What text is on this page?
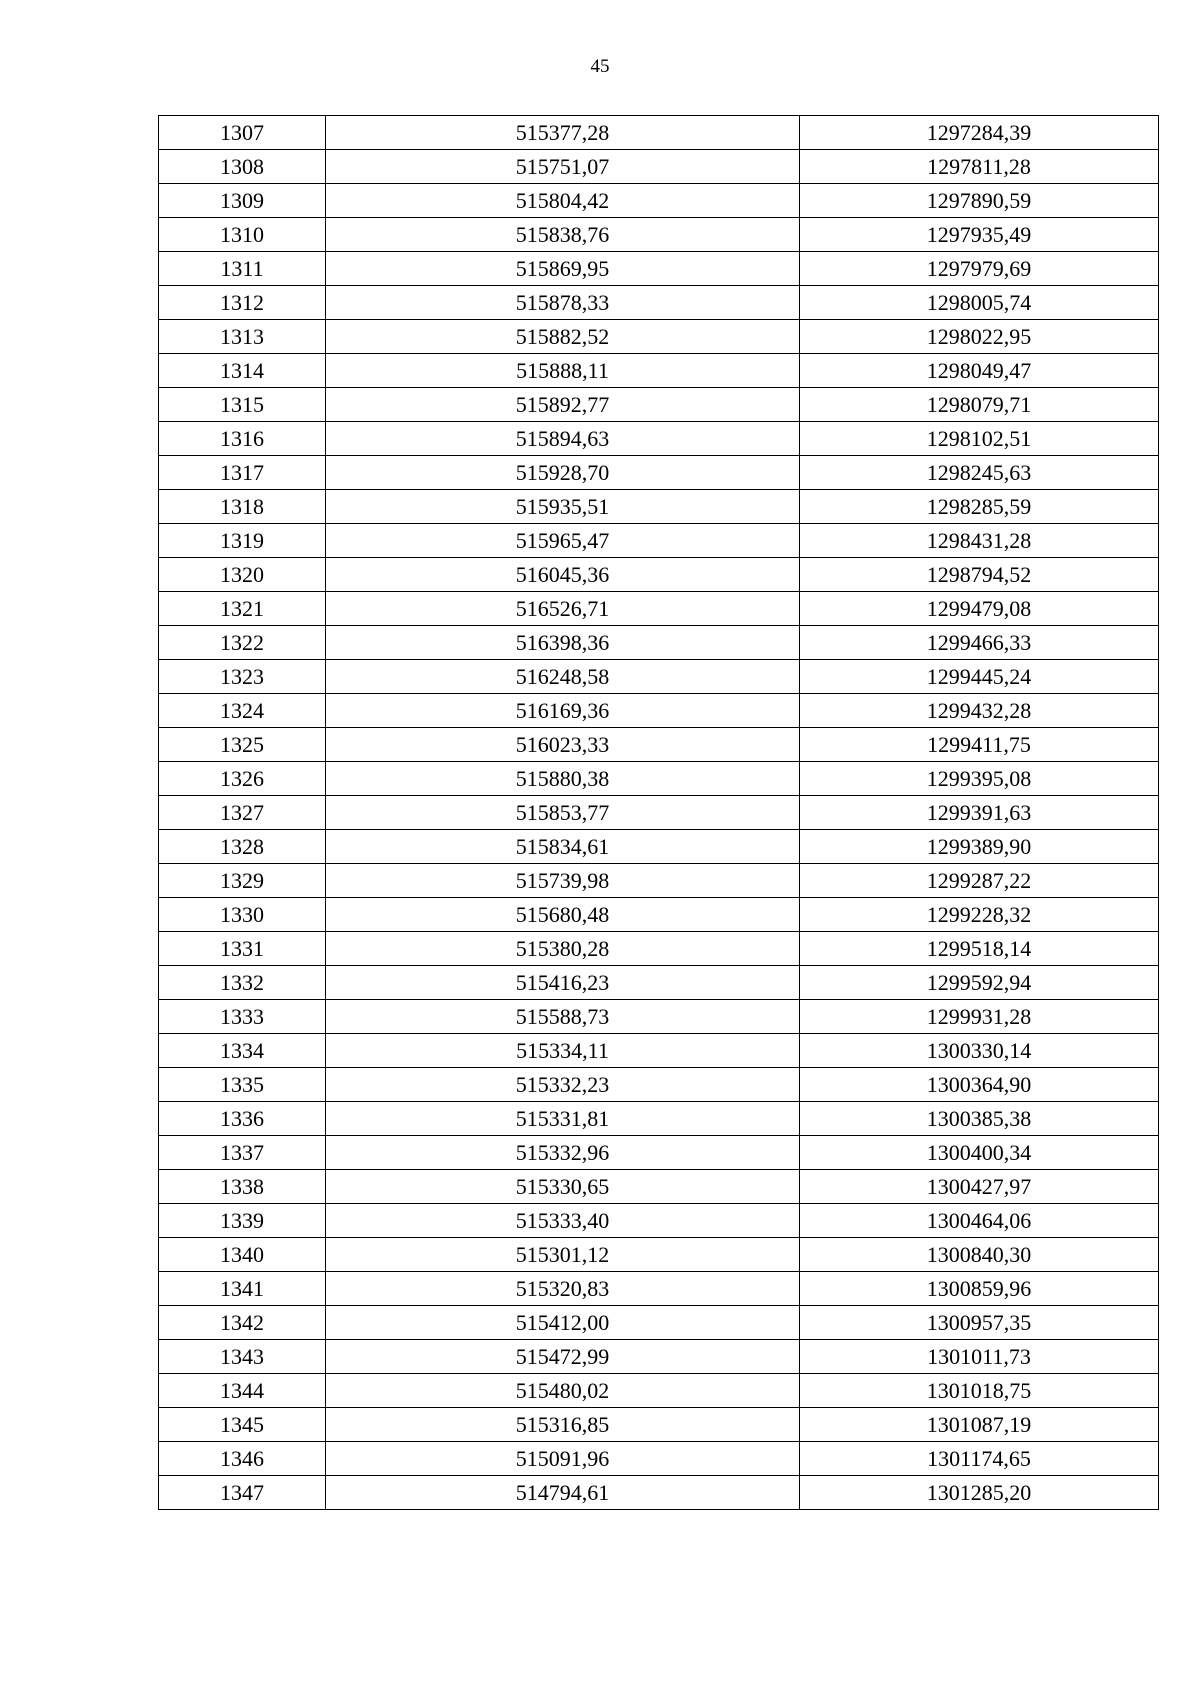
45
1307	515377,28	1297284,39
1308	515751,07	1297811,28
1309	515804,42	1297890,59
1310	515838,76	1297935,49
1311	515869,95	1297979,69
1312	515878,33	1298005,74
1313	515882,52	1298022,95
1314	515888,11	1298049,47
1315	515892,77	1298079,71
1316	515894,63	1298102,51
1317	515928,70	1298245,63
1318	515935,51	1298285,59
1319	515965,47	1298431,28
1320	516045,36	1298794,52
1321	516526,71	1299479,08
1322	516398,36	1299466,33
1323	516248,58	1299445,24
1324	516169,36	1299432,28
1325	516023,33	1299411,75
1326	515880,38	1299395,08
1327	515853,77	1299391,63
1328	515834,61	1299389,90
1329	515739,98	1299287,22
1330	515680,48	1299228,32
1331	515380,28	1299518,14
1332	515416,23	1299592,94
1333	515588,73	1299931,28
1334	515334,11	1300330,14
1335	515332,23	1300364,90
1336	515331,81	1300385,38
1337	515332,96	1300400,34
1338	515330,65	1300427,97
1339	515333,40	1300464,06
1340	515301,12	1300840,30
1341	515320,83	1300859,96
1342	515412,00	1300957,35
1343	515472,99	1301011,73
1344	515480,02	1301018,75
1345	515316,85	1301087,19
1346	515091,96	1301174,65
1347	514794,61	1301285,20
